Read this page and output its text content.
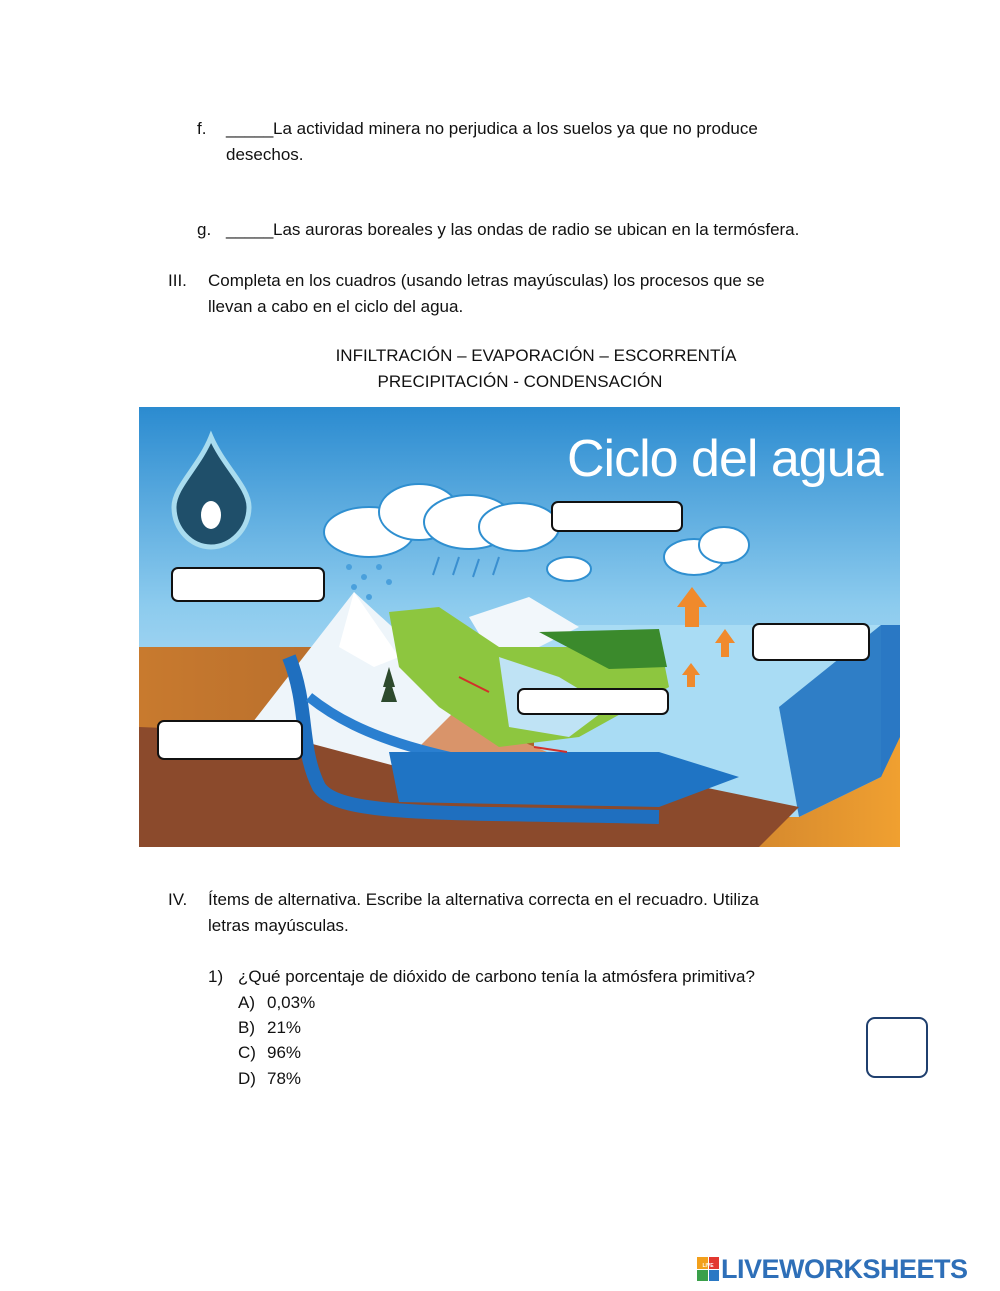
f. _____ La actividad minera no perjudica a los suelos ya que no produce
desechos.
g. _____ Las auroras boreales y las ondas de radio se ubican en la termósfera.
III. Completa en los cuadros (usando letras mayúsculas) los procesos que se
llevan a cabo en el ciclo del agua.
INFILTRACIÓN – EVAPORACIÓN – ESCORRENTÍA
PRECIPITACIÓN - CONDENSACIÓN
Ciclo del agua
IV. Ítems de alternativa. Escribe la alternativa correcta en el recuadro. Utiliza
letras mayúsculas.
1) ¿Qué porcentaje de dióxido de carbono tenía la atmósfera primitiva?
A) 0,03%
B) 21%
C) 96%
D) 78%
LIVE LIVEWORKSHEETS
